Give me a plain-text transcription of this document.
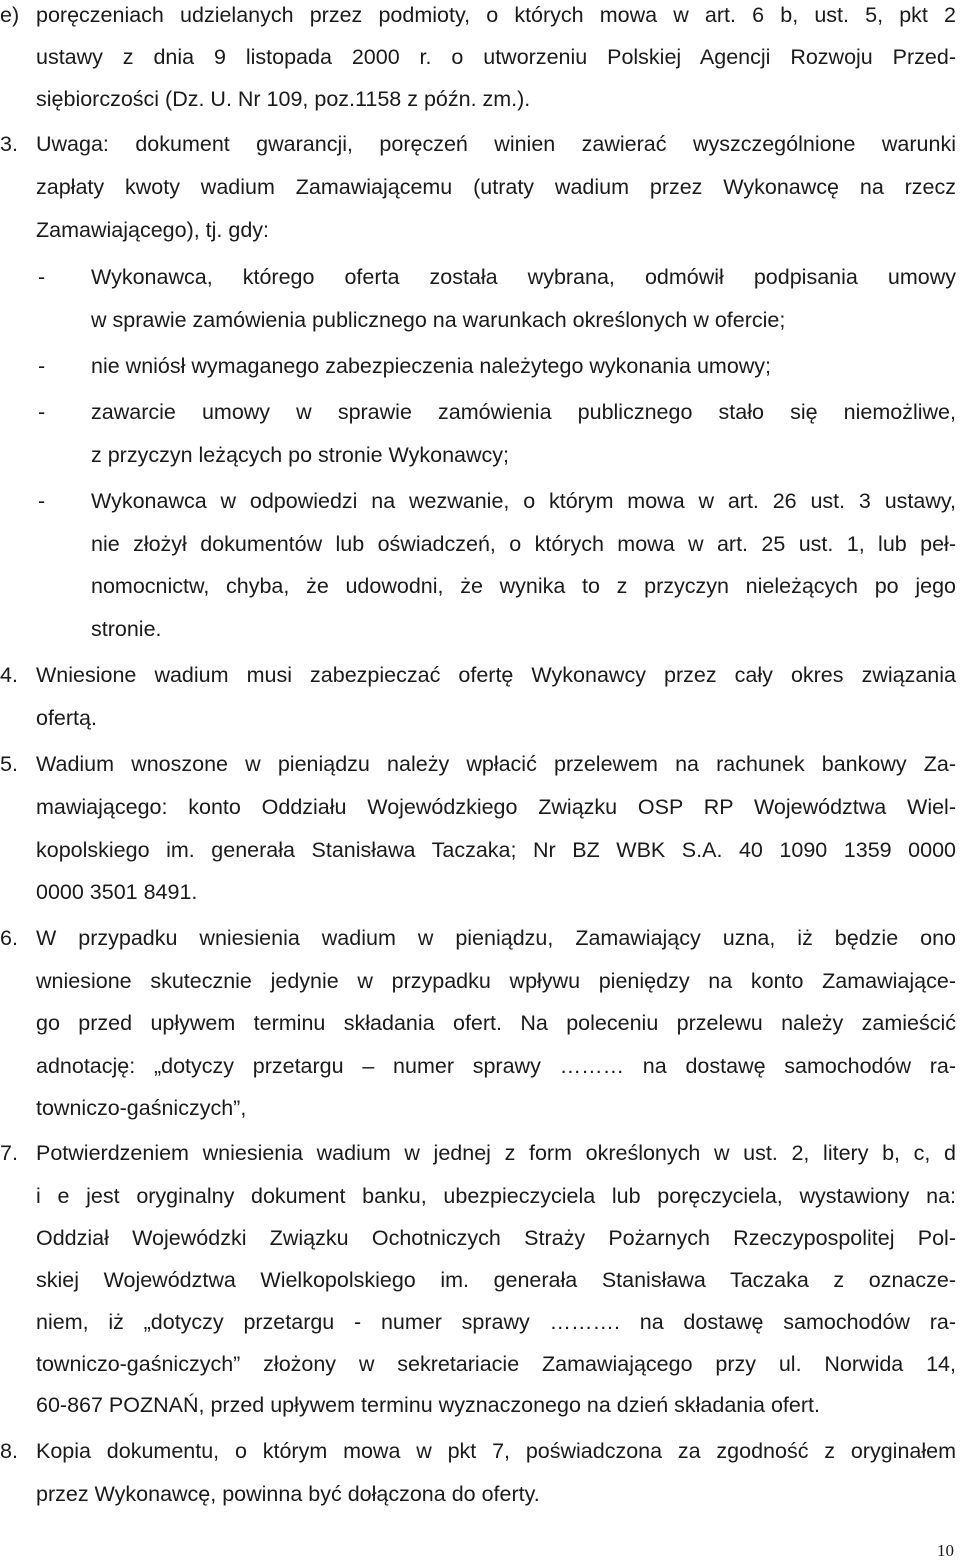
e) poręczeniach udzielanych przez podmioty, o których mowa w art. 6 b, ust. 5, pkt 2
ustawy z dnia 9 listopada 2000 r. o utworzeniu Polskiej Agencji Rozwoju Przed-
siębiorczości (Dz. U. Nr 109, poz.1158 z późn. zm.).
3. Uwaga: dokument gwarancji, poręczeń winien zawierać wyszczególnione warunki
zapłaty kwoty wadium Zamawiającemu (utraty wadium przez Wykonawcę na rzecz
Zamawiającego), tj. gdy:
- Wykonawca, którego oferta została wybrana, odmówił podpisania umowy
w sprawie zamówienia publicznego na warunkach określonych w ofercie;
- nie wniósł wymaganego zabezpieczenia należytego wykonania umowy;
- zawarcie umowy w sprawie zamówienia publicznego stało się niemożliwe,
z przyczyn leżących po stronie Wykonawcy;
- Wykonawca w odpowiedzi na wezwanie, o którym mowa w art. 26 ust. 3 ustawy,
nie złożył dokumentów lub oświadczeń, o których mowa w art. 25 ust. 1, lub peł-
nomocnictw, chyba, że udowodni, że wynika to z przyczyn nieleżących po jego
stronie.
4. Wniesione wadium musi zabezpieczać ofertę Wykonawcy przez cały okres związania
ofertą.
5. Wadium wnoszone w pieniądzu należy wpłacić przelewem na rachunek bankowy Za-
mawiającego: konto Oddziału Wojewódzkiego Związku OSP RP Województwa Wiel-
kopolskiego im. generała Stanisława Taczaka; Nr BZ WBK S.A. 40 1090 1359 0000
0000 3501 8491.
6. W przypadku wniesienia wadium w pieniądzu, Zamawiający uzna, iż będzie ono
wniesione skutecznie jedynie w przypadku wpływu pieniędzy na konto Zamawiające-
go przed upływem terminu składania ofert. Na poleceniu przelewu należy zamieścić
adnotację: „dotyczy przetargu – numer sprawy ……… na dostawę samochodów ra-
towniczo-gaśniczych”,
7. Potwierdzeniem wniesienia wadium w jednej z form określonych w ust. 2, litery b, c, d
i e jest oryginalny dokument banku, ubezpieczyciela lub poręczyciela, wystawiony na:
Oddział Wojewódzki Związku Ochotniczych Straży Pożarnych Rzeczypospolitej Pol-
skiej Województwa Wielkopolskiego im. generała Stanisława Taczaka z oznacze-
niem, iż „dotyczy przetargu - numer sprawy ………. na dostawę samochodów ra-
towniczo-gaśniczych” złożony w sekretariacie Zamawiającego przy ul. Norwida 14,
60-867 POZNAŃ, przed upływem terminu wyznaczonego na dzień składania ofert.
8. Kopia dokumentu, o którym mowa w pkt 7, poświadczona za zgodność z oryginałem
przez Wykonawcę, powinna być dołączona do oferty.
10
